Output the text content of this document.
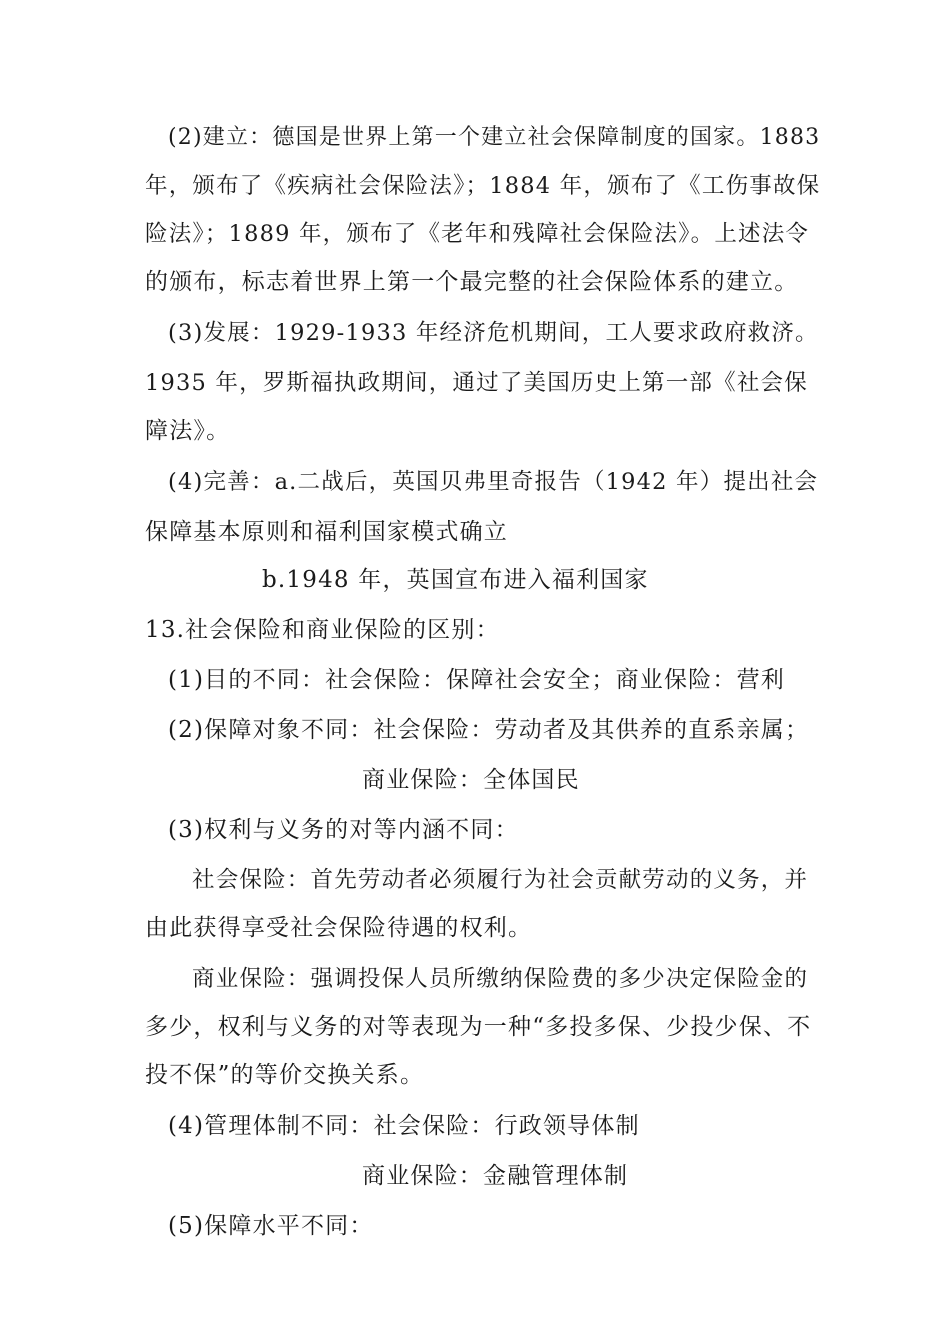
(2)建立：德国是世界上第一个建立社会保障制度的国家。1883
年，颁布了《疾病社会保险法》；1884 年，颁布了《工伤事故保
险法》；1889 年，颁布了《老年和残障社会保险法》。上述法令
的颁布，标志着世界上第一个最完整的社会保险体系的建立。
(3)发展：1929-1933 年经济危机期间，工人要求政府救济。
1935 年，罗斯福执政期间，通过了美国历史上第一部《社会保
障法》。
(4)完善：a.二战后，英国贝弗里奇报告（1942 年）提出社会
保障基本原则和福利国家模式确立
b.1948 年，英国宣布进入福利国家
13.社会保险和商业保险的区别：
(1)目的不同：社会保险：保障社会安全；商业保险：营利
(2)保障对象不同：社会保险：劳动者及其供养的直系亲属；
商业保险：全体国民
(3)权利与义务的对等内涵不同：
社会保险：首先劳动者必须履行为社会贡献劳动的义务，并
由此获得享受社会保险待遇的权利。
商业保险：强调投保人员所缴纳保险费的多少决定保险金的
多少，权利与义务的对等表现为一种“多投多保、少投少保、不
投不保”的等价交换关系。
(4)管理体制不同：社会保险：行政领导体制
商业保险：金融管理体制
(5)保障水平不同：
